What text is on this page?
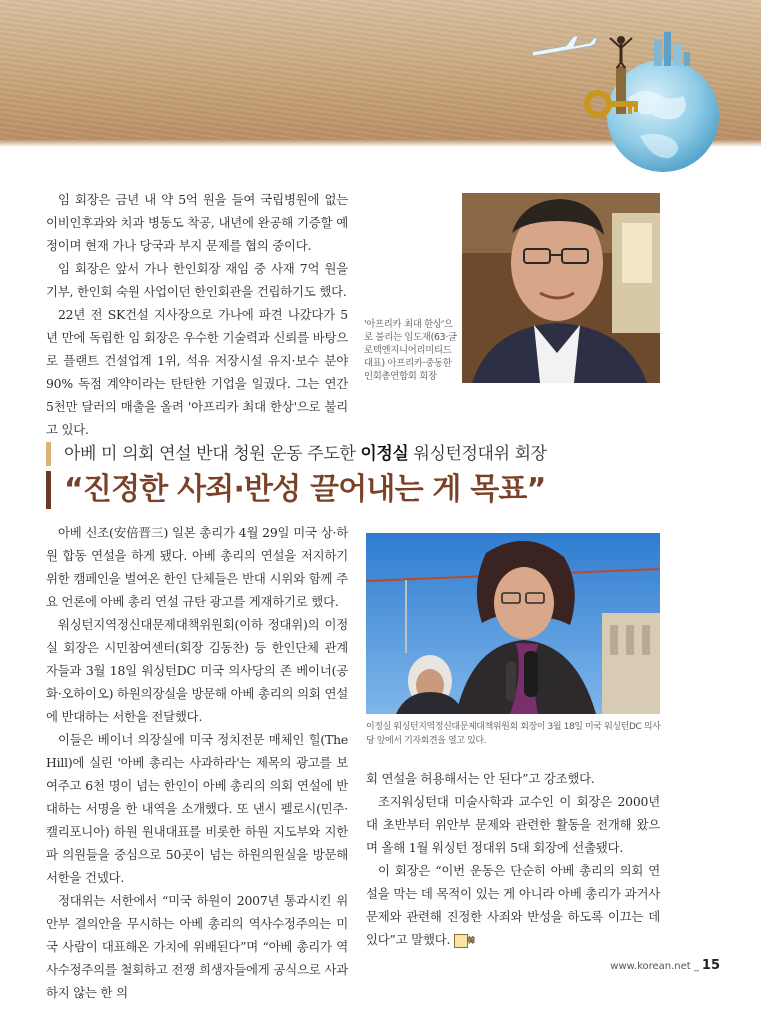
임 회장은 금년 내 약 5억 원을 들여 국립병원에 없는 이비인후과와 치과 병동도 착공, 내년에 완공해 기증할 예정이며 현재 가나 당국과 부지 문제를 협의 중이다.

임 회장은 앞서 가나 한인회장 재임 중 사재 7억 원을 기부, 한인회 숙원 사업이던 한인회관을 건립하기도 했다.

22년 전 SK건설 지사장으로 가나에 파견 나갔다가 5년 만에 독립한 임 회장은 우수한 기술력과 신뢰를 바탕으로 플랜트 건설업계 1위, 석유 저장시설 유지·보수 분야 90% 독점 계약이라는 탄탄한 기업을 일궜다. 그는 연간 5천만 달러의 매출을 올려 '아프리카 최대 한상'으로 불리고 있다.

'아프리카 최대 한상'으로 불리는 임도재(63·글로텍엔지니어리미티드 대표) 아프리카·중동한인회총연합회 회장
아베 미 의회 연설 반대 청원 운동 주도한 이정실 워싱턴정대위 회장
“진정한 사죄·반성 끌어내는 게 목표”

아베 신조(安倍晋三) 일본 총리가 4월 29일 미국 상·하원 합동 연설을 하게 됐다. 아베 총리의 연설을 저지하기 위한 캠페인을 벌여온 한인 단체들은 반대 시위와 함께 주요 언론에 아베 총리 연설 규탄 광고를 게재하기로 했다.

워싱턴지역정신대문제대책위원회(이하 정대위)의 이정실 회장은 시민참여센터(회장 김동찬) 등 한인단체 관계자들과 3월 18일 워싱턴DC 미국 의사당의 존 베이너(공화·오하이오) 하원의장실을 방문해 아베 총리의 의회 연설에 반대하는 서한을 전달했다.

이들은 베이너 의장실에 미국 정치전문 매체인 힐(The Hill)에 실린 '아베 총리는 사과하라'는 제목의 광고를 보여주고 6천 명이 넘는 한인이 아베 총리의 의회 연설에 반대하는 서명을 한 내역을 소개했다. 또 낸시 펠로시(민주·캘리포니아) 하원 원내대표를 비롯한 하원 지도부와 지한파 의원들을 중심으로 50곳이 넘는 하원의원실을 방문해 서한을 건넸다.

정대위는 서한에서 “미국 하원이 2007년 통과시킨 위안부 결의안을 무시하는 아베 총리의 역사수정주의는 미국 사람이 대표해온 가치에 위배된다”며 “아베 총리가 역사수정주의를 철회하고 전쟁 희생자들에게 공식으로 사과하지 않는 한 의

이정실 워싱턴지역정신대문제대책위원회 회장이 3월 18일 미국 워싱턴DC 의사당 앞에서 기자회견을 열고 있다.

회 연설을 허용해서는 안 된다”고 강조했다.

조지워싱턴대 미술사학과 교수인 이 회장은 2000년대 초반부터 위안부 문제와 관련한 활동을 전개해 왔으며 올해 1월 워싱턴 정대위 5대 회장에 선출됐다.

이 회장은 “이번 운동은 단순히 아베 총리의 의회 연설을 막는 데 목적이 있는 게 아니라 아베 총리가 과거사 문제와 관련해 진정한 사죄와 반성을 하도록 이끄는 데 있다”고 말했다. 韓

www.korean.net _ 15
